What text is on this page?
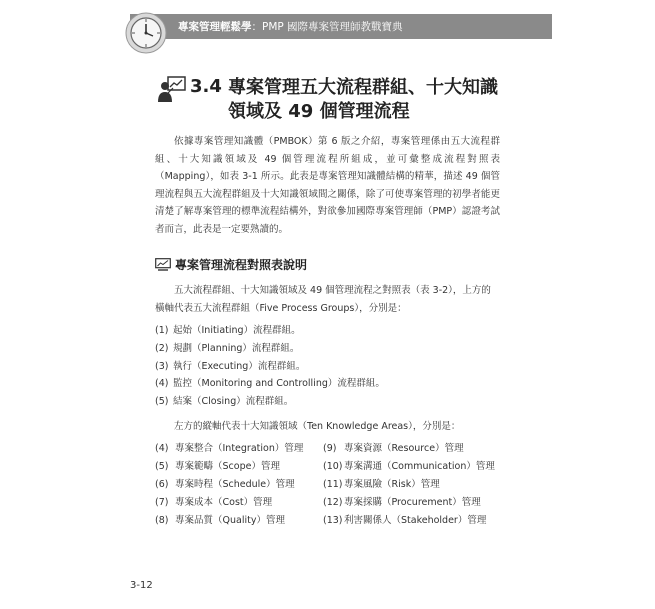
專案管理輕鬆學：PMP 國際專案管理師教戰寶典
3.4 專案管理五大流程群組、十大知識領域及 49 個管理流程
依據專案管理知識體（PMBOK）第 6 版之介紹，專案管理係由五大流程群組、十大知識領域及 49 個管理流程所組成，並可彙整成流程對照表（Mapping），如表 3-1 所示。此表是專案管理知識體結構的精華，描述 49 個管理流程與五大流程群組及十大知識領域間之關係，除了可使專案管理的初學者能更清楚了解專案管理的標準流程結構外，對欲參加國際專案管理師（PMP）認證考試者而言，此表是一定要熟讀的。
專案管理流程對照表說明
五大流程群組、十大知識領域及 49 個管理流程之對照表（表 3-2），上方的橫軸代表五大流程群組（Five Process Groups），分別是：
(1) 起始（Initiating）流程群組。
(2) 規劃（Planning）流程群組。
(3) 執行（Executing）流程群組。
(4) 監控（Monitoring and Controlling）流程群組。
(5) 結案（Closing）流程群組。
左方的縱軸代表十大知識領域（Ten Knowledge Areas），分別是：
(4) 專案整合（Integration）管理
(5) 專案範疇（Scope）管理
(6) 專案時程（Schedule）管理
(7) 專案成本（Cost）管理
(8) 專案品質（Quality）管理
(9) 專案資源（Resource）管理
(10)專案溝通（Communication）管理
(11)專案風險（Risk）管理
(12)專案採購（Procurement）管理
(13)利害關係人（Stakeholder）管理
3-12
